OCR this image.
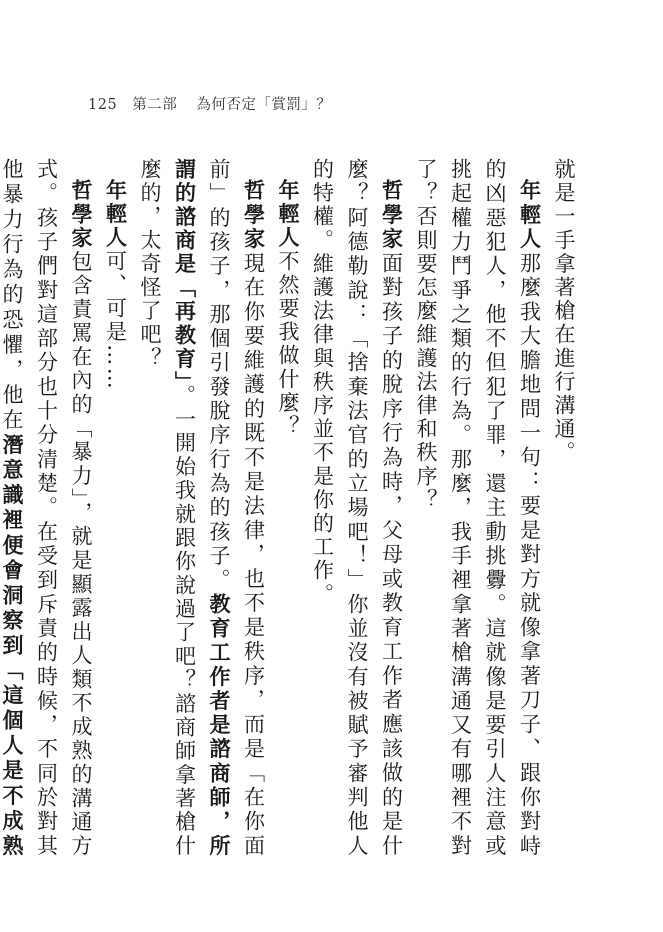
125 第二部 為何否定「賞罰」？

就是一手拿著槍在進行溝通。

年輕人那麼我大膽地問一句：要是對方就像拿著刀子、跟你對峙的凶惡犯人，他不但犯了罪，還主動挑釁。這就像是要引人注意或挑起權力鬥爭之類的行為。那麼，我手裡拿著槍溝通又有哪裡不對了？否則要怎麼維護法律和秩序？

哲學家面對孩子的脫序行為時，父母或教育工作者應該做的是什麼？阿德勒說：「捨棄法官的立場吧！」你並沒有被賦予審判他人的特權。維護法律與秩序並不是你的工作。

年輕人不然要我做什麼？

哲學家現在你要維護的既不是法律，也不是秩序，而是「在你面前」的孩子，那個引發脫序行為的孩子。教育工作者是諮商師，所謂的諮商是「再教育」。一開始我就跟你說過了吧？諮商師拿著槍什麼的，太奇怪了吧？

年輕人可、可是……

哲學家包含責罵在內的「暴力」，就是顯露出人類不成熟的溝通方式。孩子們對這部分也十分清楚。在受到斥責的時候，不同於對其他暴力行為的恐懼，他在潛意識裡便會洞察到「這個人是不成熟
